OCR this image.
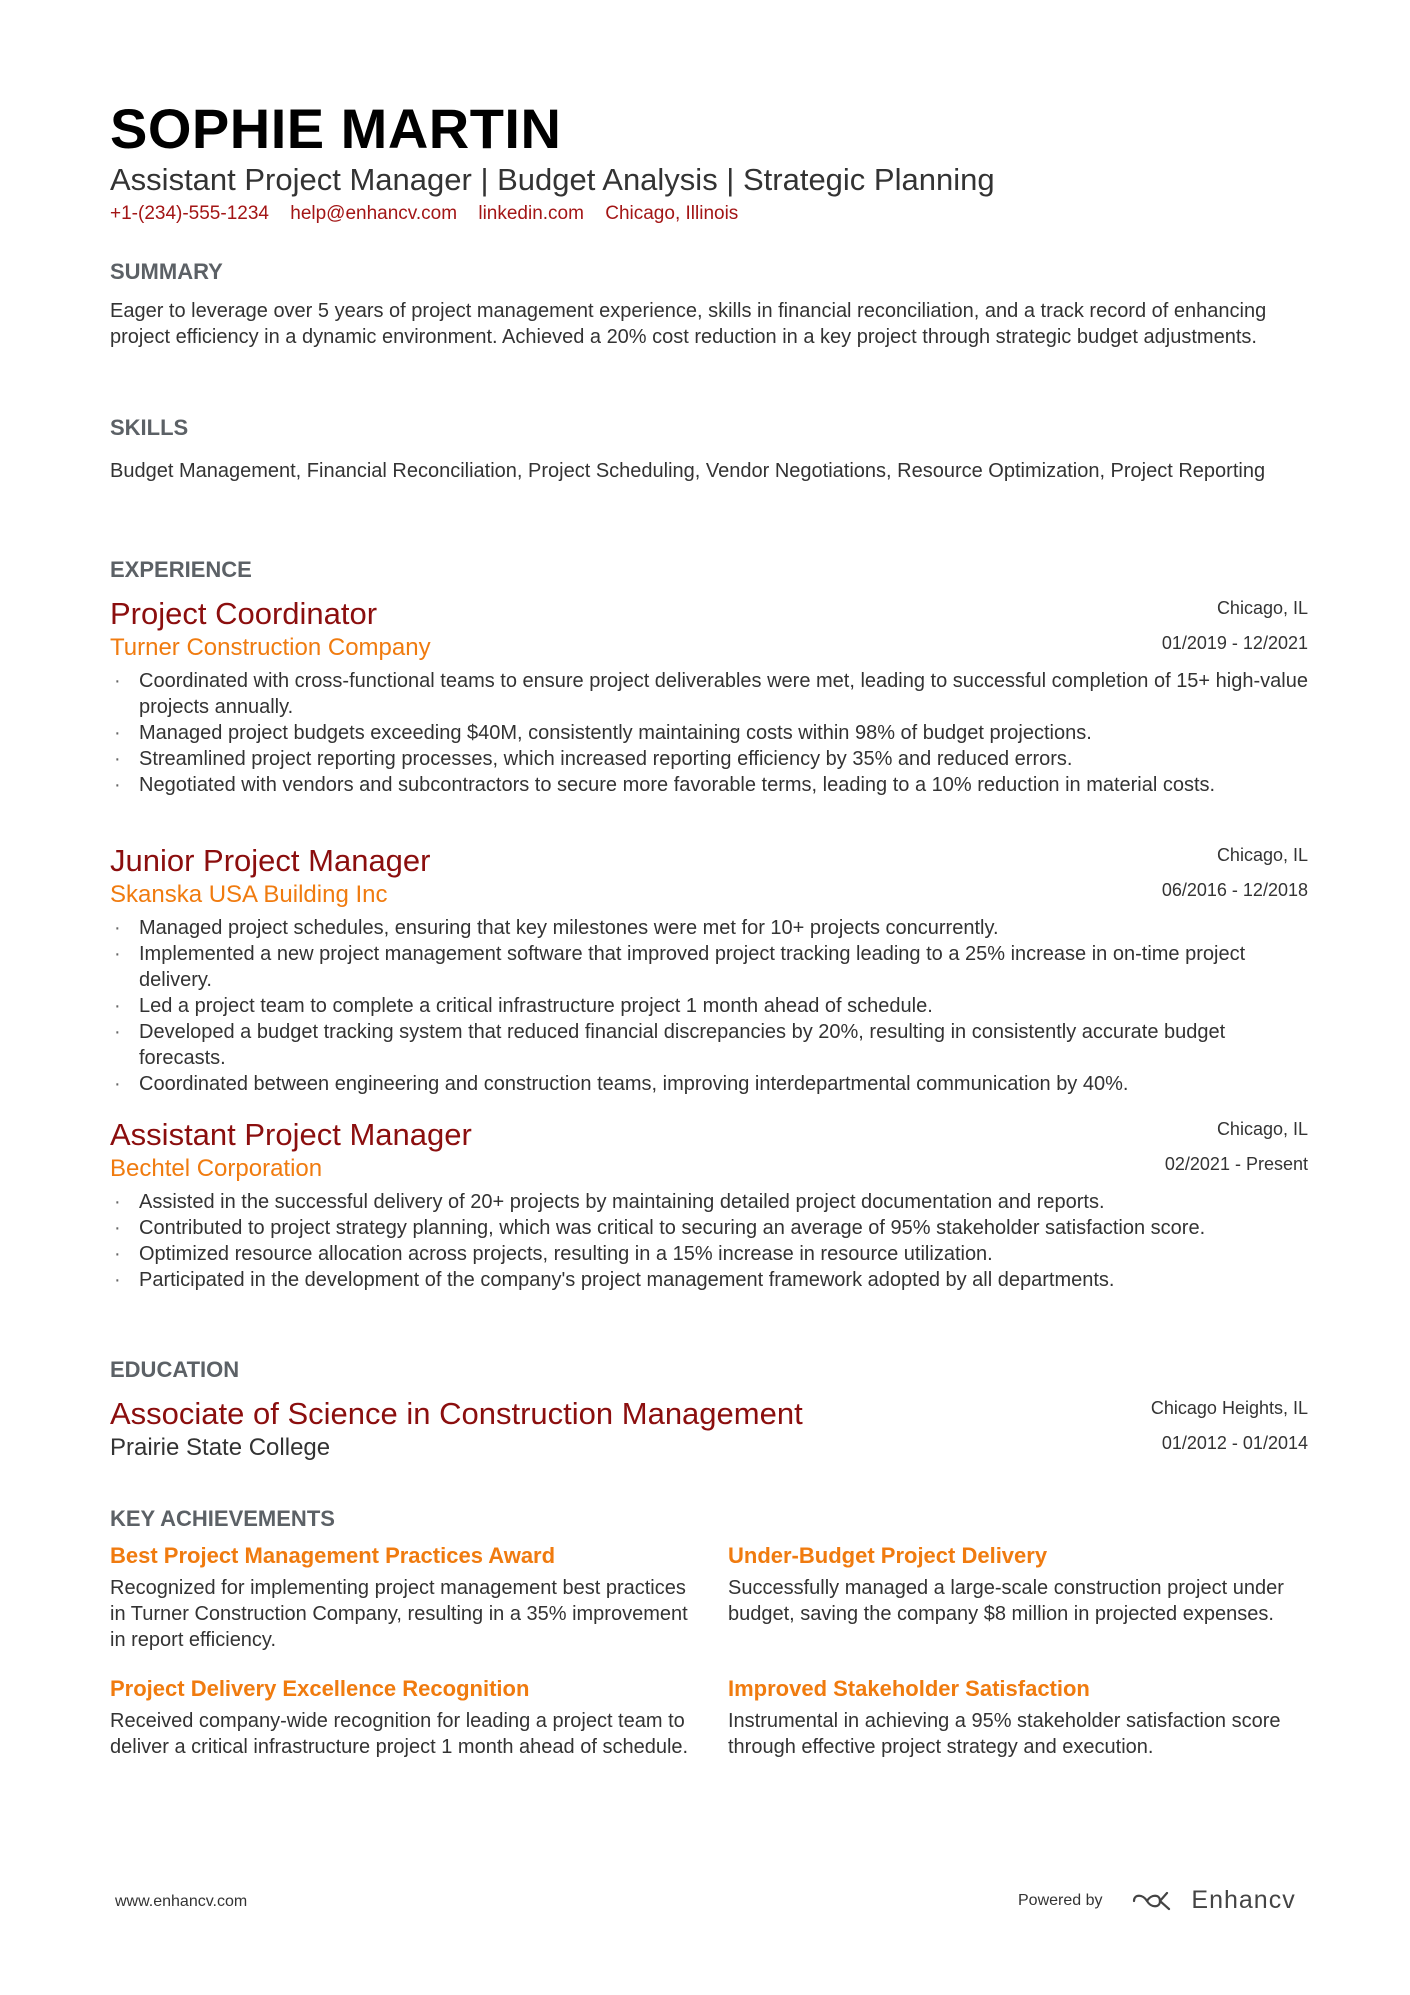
SOPHIE MARTIN
Assistant Project Manager | Budget Analysis | Strategic Planning
+1-(234)-555-1234 help@enhancv.com linkedin.com Chicago, Illinois
SUMMARY
Eager to leverage over 5 years of project management experience, skills in financial reconciliation, and a track record of enhancing project efficiency in a dynamic environment. Achieved a 20% cost reduction in a key project through strategic budget adjustments.
SKILLS
Budget Management, Financial Reconciliation, Project Scheduling, Vendor Negotiations, Resource Optimization, Project Reporting
EXPERIENCE
Chicago, IL
01/2019 - 12/2021
Project Coordinator
Turner Construction Company
· Coordinated with cross-functional teams to ensure project deliverables were met, leading to successful completion of 15+ high-value projects annually.
· Managed project budgets exceeding $40M, consistently maintaining costs within 98% of budget projections.
· Streamlined project reporting processes, which increased reporting efficiency by 35% and reduced errors.
· Negotiated with vendors and subcontractors to secure more favorable terms, leading to a 10% reduction in material costs.
Chicago, IL
06/2016 - 12/2018
Junior Project Manager
Skanska USA Building Inc
· Managed project schedules, ensuring that key milestones were met for 10+ projects concurrently.
· Implemented a new project management software that improved project tracking leading to a 25% increase in on-time project delivery.
· Led a project team to complete a critical infrastructure project 1 month ahead of schedule.
· Developed a budget tracking system that reduced financial discrepancies by 20%, resulting in consistently accurate budget forecasts.
· Coordinated between engineering and construction teams, improving interdepartmental communication by 40%.
Chicago, IL
02/2021 - Present
Assistant Project Manager
Bechtel Corporation
· Assisted in the successful delivery of 20+ projects by maintaining detailed project documentation and reports.
· Contributed to project strategy planning, which was critical to securing an average of 95% stakeholder satisfaction score.
· Optimized resource allocation across projects, resulting in a 15% increase in resource utilization.
· Participated in the development of the company's project management framework adopted by all departments.
EDUCATION
Chicago Heights, IL
01/2012 - 01/2014
Associate of Science in Construction Management
Prairie State College
KEY ACHIEVEMENTS
Best Project Management Practices Award
Recognized for implementing project management best practices in Turner Construction Company, resulting in a 35% improvement in report efficiency.
Under-Budget Project Delivery
Successfully managed a large-scale construction project under budget, saving the company $8 million in projected expenses.
Project Delivery Excellence Recognition
Received company-wide recognition for leading a project team to deliver a critical infrastructure project 1 month ahead of schedule.
Improved Stakeholder Satisfaction
Instrumental in achieving a 95% stakeholder satisfaction score through effective project strategy and execution.
www.enhancv.com	Powered by	Enhancv
